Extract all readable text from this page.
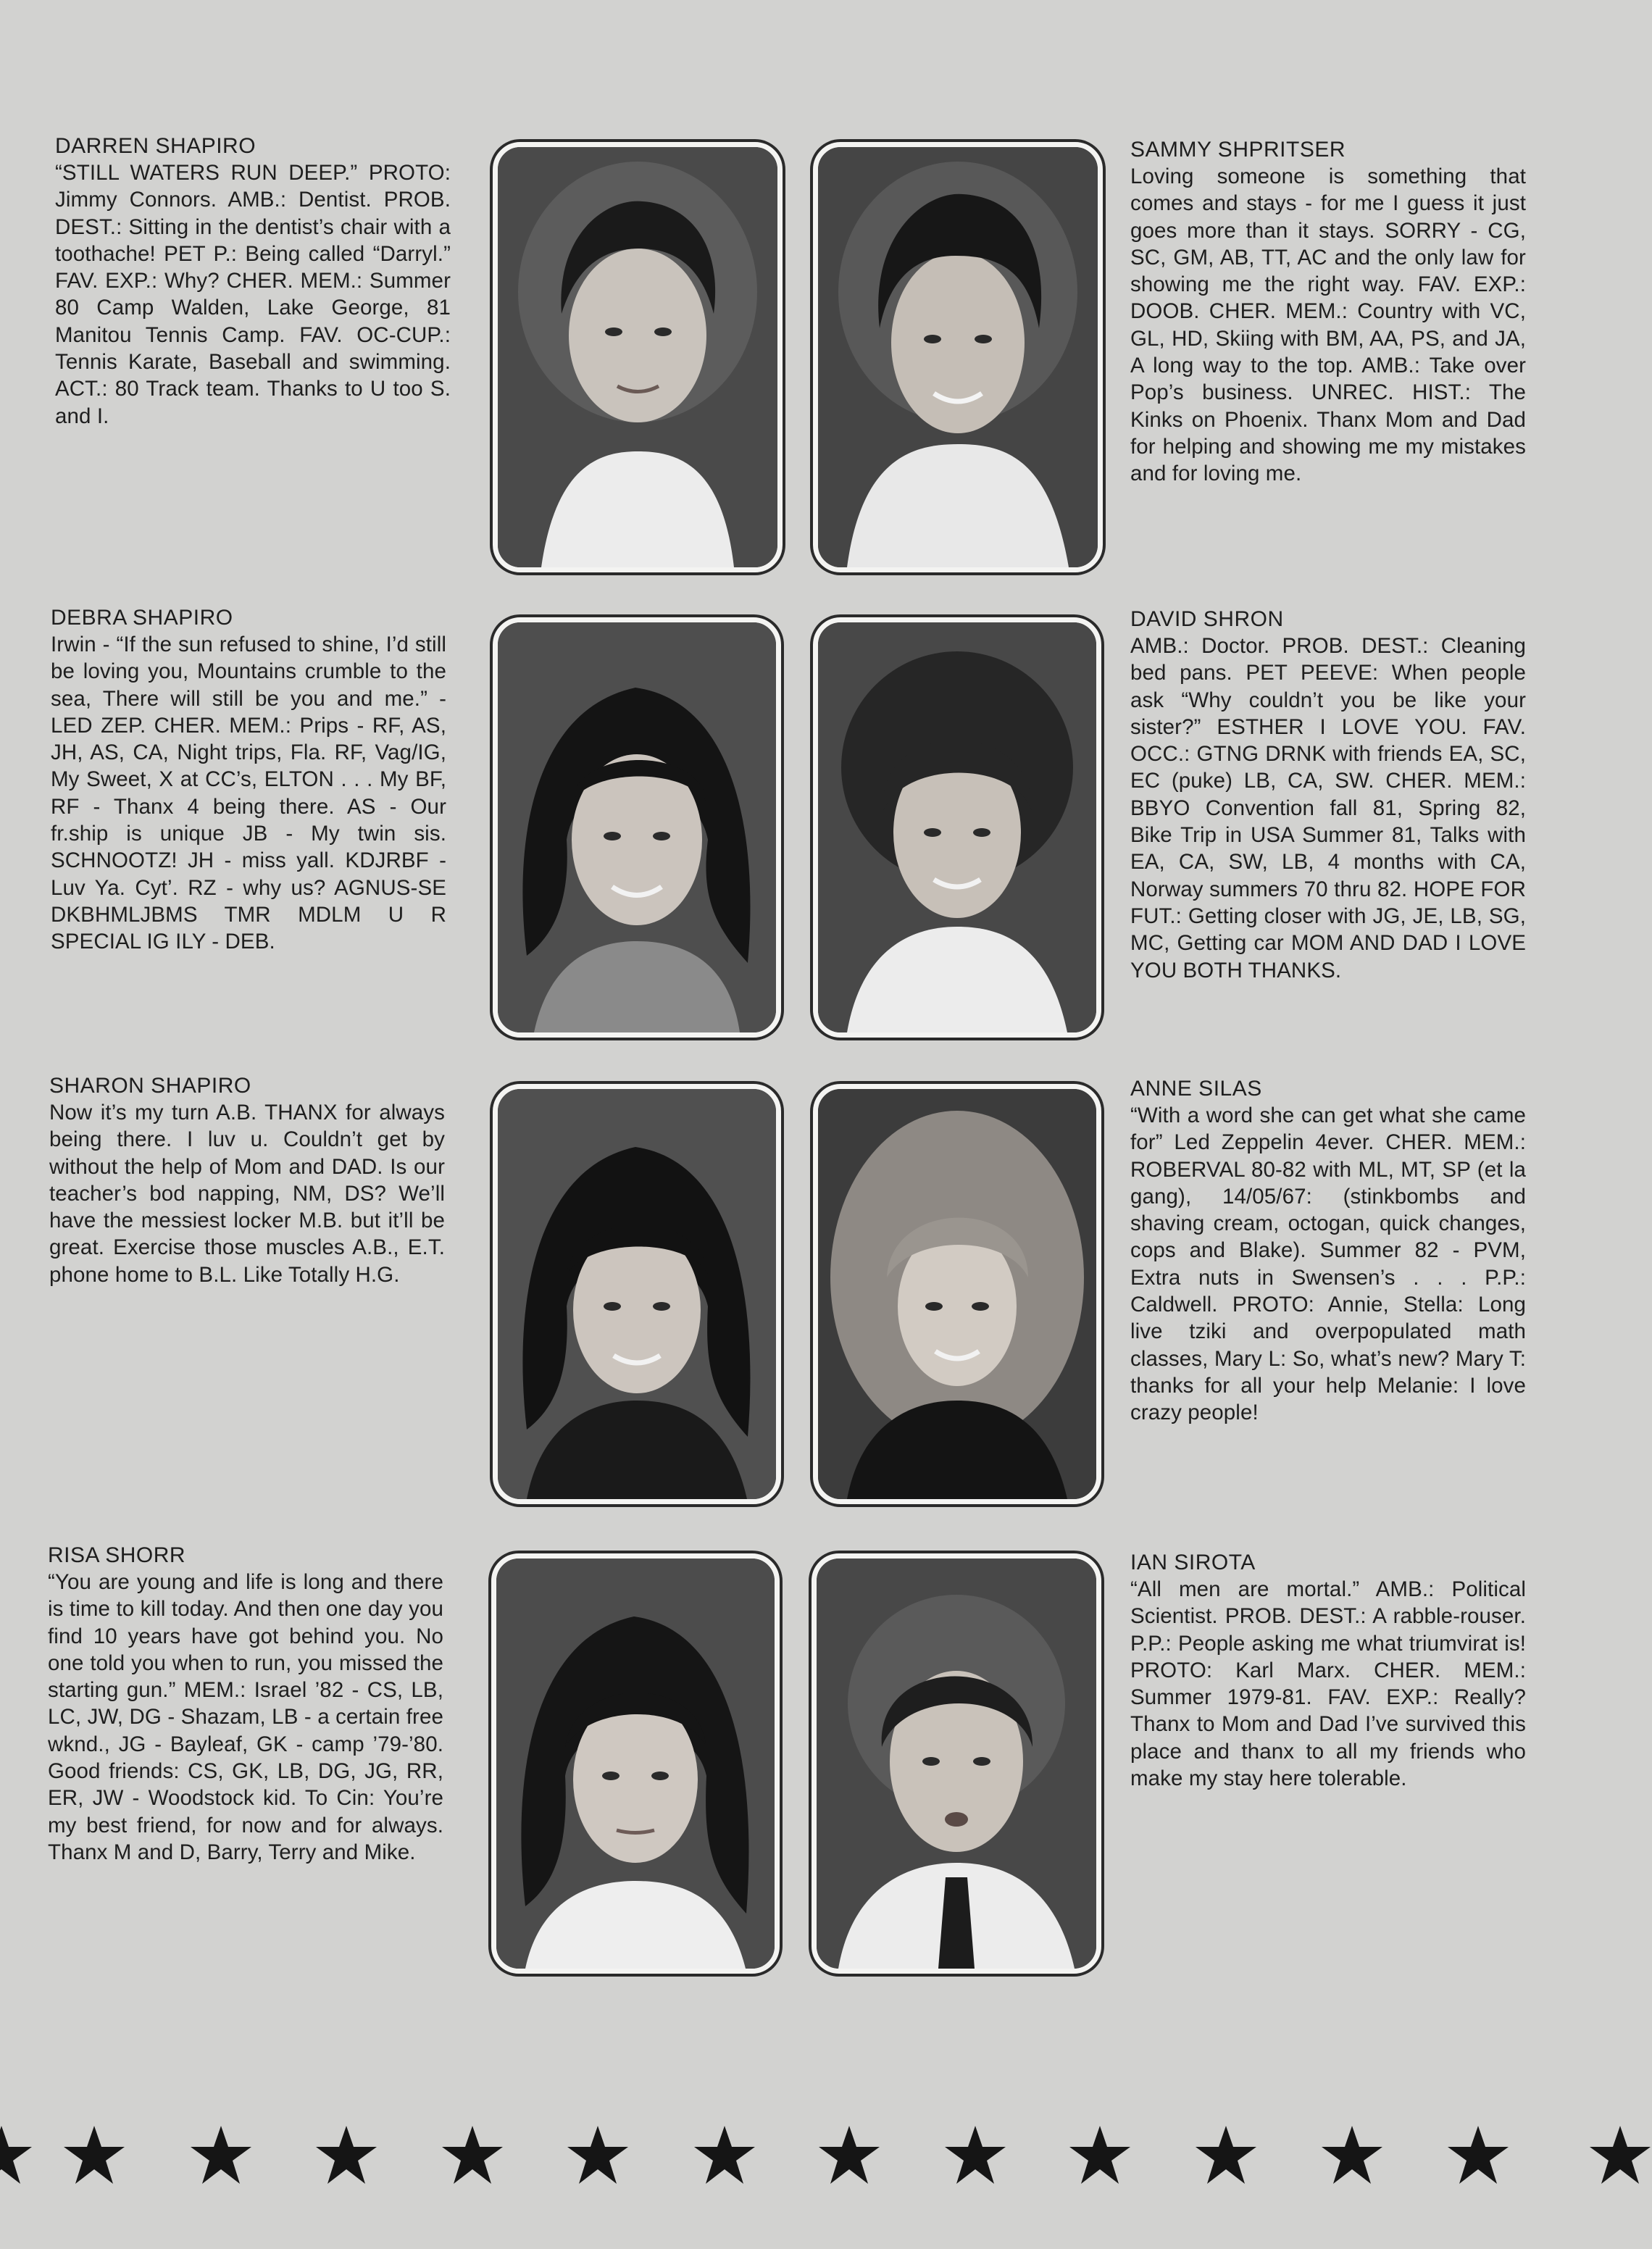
DARREN SHAPIRO

“STILL WATERS RUN DEEP.” PROTO: Jimmy Connors. AMB.: Dentist. PROB. DEST.: Sitting in the dentist’s chair with a toothache! PET P.: Being called “Darryl.” FAV. EXP.: Why? CHER. MEM.: Summer 80 Camp Walden, Lake George, 81 Manitou Tennis Camp. FAV. OC-CUP.: Tennis Karate, Baseball and swimming. ACT.: 80 Track team. Thanks to U too S. and I.

SAMMY SHPRITSER

Loving someone is something that comes and stays - for me I guess it just goes more than it stays. SORRY - CG, SC, GM, AB, TT, AC and the only law for showing me the right way. FAV. EXP.: DOOB. CHER. MEM.: Country with VC, GL, HD, Skiing with BM, AA, PS, and JA, A long way to the top. AMB.: Take over Pop’s business. UNREC. HIST.: The Kinks on Phoenix. Thanx Mom and Dad for helping and showing me my mistakes and for loving me.

DEBRA SHAPIRO

Irwin - “If the sun refused to shine, I’d still be loving you, Mountains crumble to the sea, There will still be you and me.” - LED ZEP. CHER. MEM.: Prips - RF, AS, JH, AS, CA, Night trips, Fla. RF, Vag/IG, My Sweet, X at CC’s, ELTON . . . My BF, RF - Thanx 4 being there. AS - Our fr.ship is unique JB - My twin sis. SCHNOOTZ! JH - miss yall. KDJRBF - Luv Ya. Cyt’. RZ - why us? AGNUS-SE DKBHMLJBMS TMR MDLM U R SPECIAL IG ILY - DEB.

DAVID SHRON

AMB.: Doctor. PROB. DEST.: Cleaning bed pans. PET PEEVE: When people ask “Why couldn’t you be like your sister?” ESTHER I LOVE YOU. FAV. OCC.: GTNG DRNK with friends EA, SC, EC (puke) LB, CA, SW. CHER. MEM.: BBYO Convention fall 81, Spring 82, Bike Trip in USA Summer 81, Talks with EA, CA, SW, LB, 4 months with CA, Norway summers 70 thru 82. HOPE FOR FUT.: Getting closer with JG, JE, LB, SG, MC, Getting car MOM AND DAD I LOVE YOU BOTH THANKS.

SHARON SHAPIRO

Now it’s my turn A.B. THANX for always being there. I luv u. Couldn’t get by without the help of Mom and DAD. Is our teacher’s bod napping, NM, DS? We’ll have the messiest locker M.B. but it’ll be great. Exercise those muscles A.B., E.T. phone home to B.L. Like Totally H.G.

ANNE SILAS

“With a word she can get what she came for” Led Zeppelin 4ever. CHER. MEM.: ROBERVAL 80-82 with ML, MT, SP (et la gang), 14/05/67: (stinkbombs and shaving cream, octogan, quick changes, cops and Blake). Summer 82 - PVM, Extra nuts in Swensen’s . . . P.P.: Caldwell. PROTO: Annie, Stella: Long live tziki and overpopulated math classes, Mary L: So, what’s new? Mary T: thanks for all your help Melanie: I love crazy people!

RISA SHORR

“You are young and life is long and there is time to kill today. And then one day you find 10 years have got behind you. No one told you when to run, you missed the starting gun.” MEM.: Israel ’82 - CS, LB, LC, JW, DG - Shazam, LB - a certain free wknd., JG - Bayleaf, GK - camp ’79-’80. Good friends: CS, GK, LB, DG, JG, RR, ER, JW - Woodstock kid. To Cin: You’re my best friend, for now and for always. Thanx M and D, Barry, Terry and Mike.

IAN SIROTA

“All men are mortal.” AMB.: Political Scientist. PROB. DEST.: A rabble-rouser. P.P.: People asking me what triumvirat is! PROTO: Karl Marx. CHER. MEM.: Summer 1979-81. FAV. EXP.: Really? Thanx to Mom and Dad I’ve survived this place and thanx to all my friends who make my stay here tolerable.
